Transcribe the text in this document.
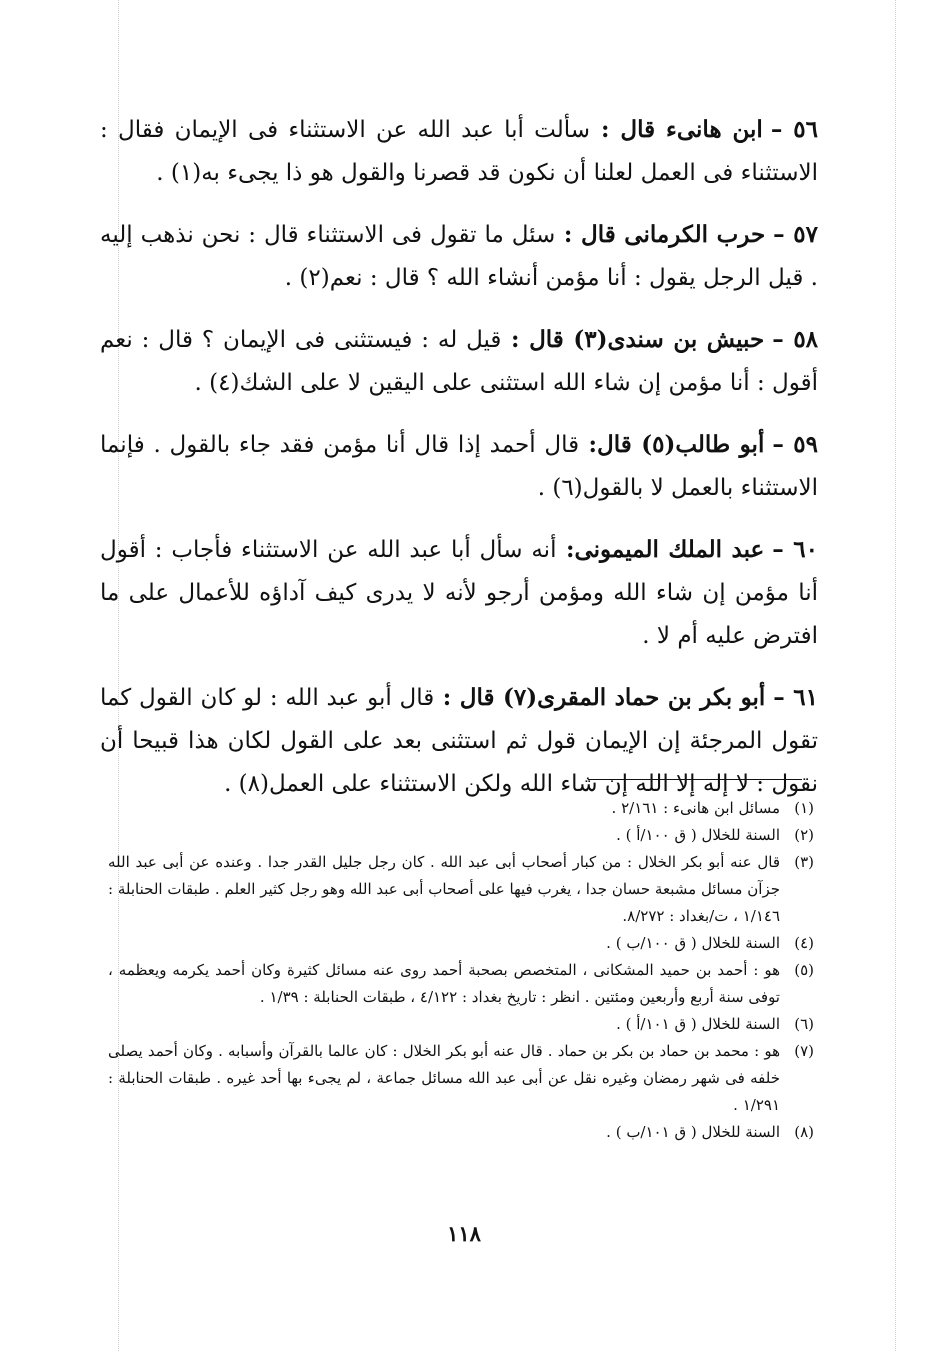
٥٦ –ابن هانىء قال :سألت أبا عبد الله عن الاستثناء فى الإيمان فقال : الاستثناء فى العمل لعلنا أن نكون قد قصرنا والقول هو ذا يجىء به(١) .

٥٧ –حرب الكرمانى قال :سئل ما تقول فى الاستثناء قال : نحن نذهب إليه . قيل الرجل يقول : أنا مؤمن أنشاء الله ؟ قال : نعم(٢) .

٥٨ –حبيش بن سندى(٣) قال :قيل له : فيستثنى فى الإيمان ؟ قال : نعم أقول : أنا مؤمن إن شاء الله استثنى على اليقين لا على الشك(٤) .

٥٩ –أبو طالب(٥) قال:قال أحمد إذا قال أنا مؤمن فقد جاء بالقول . فإنما الاستثناء بالعمل لا بالقول(٦) .

٦٠ –عبد الملك الميمونى:أنه سأل أبا عبد الله عن الاستثناء فأجاب : أقول أنا مؤمن إن شاء الله ومؤمن أرجو لأنه لا يدرى كيف آداؤه للأعمال على ما افترض عليه أم لا .

٦١ –أبو بكر بن حماد المقرى(٧) قال :قال أبو عبد الله : لو كان القول كما تقول المرجئة إن الإيمان قول ثم استثنى بعد على القول لكان هذا قبيحا أن نقول : لا إله إلا الله إن شاء الله ولكن الاستثناء على العمل(٨) .

(١)
مسائل ابن هانىء : ٢/١٦١ .
(٢)
السنة للخلال ( ق ١٠٠/أ ) .
(٣)
قال عنه أبو بكر الخلال : من كبار أصحاب أبى عبد الله . كان رجل جليل القدر جدا . وعنده عن أبى عبد الله جزآن مسائل مشبعة حسان جدا ، يغرب فيها على أصحاب أبى عبد الله وهو رجل كثير العلم . طبقات الحنابلة : ١/١٤٦ ، ت/بغداد : ٨/٢٧٢.
(٤)
السنة للخلال ( ق ١٠٠/ب ) .
(٥)
هو : أحمد بن حميد المشكانى ، المتخصص بصحبة أحمد روى عنه مسائل كثيرة وكان أحمد يكرمه ويعظمه ، توفى سنة أربع وأربعين ومئتين . انظر : تاريخ بغداد : ٤/١٢٢ ، طبقات الحنابلة : ١/٣٩ .
(٦)
السنة للخلال ( ق ١٠١/أ ) .
(٧)
هو : محمد بن حماد بن بكر بن حماد . قال عنه أبو بكر الخلال : كان عالما بالقرآن وأسبابه . وكان أحمد يصلى خلفه فى شهر رمضان وغيره نقل عن أبى عبد الله مسائل جماعة ، لم يجىء بها أحد غيره . طبقات الحنابلة : ١/٢٩١ .
(٨)
السنة للخلال ( ق ١٠١/ب ) .
١١٨
